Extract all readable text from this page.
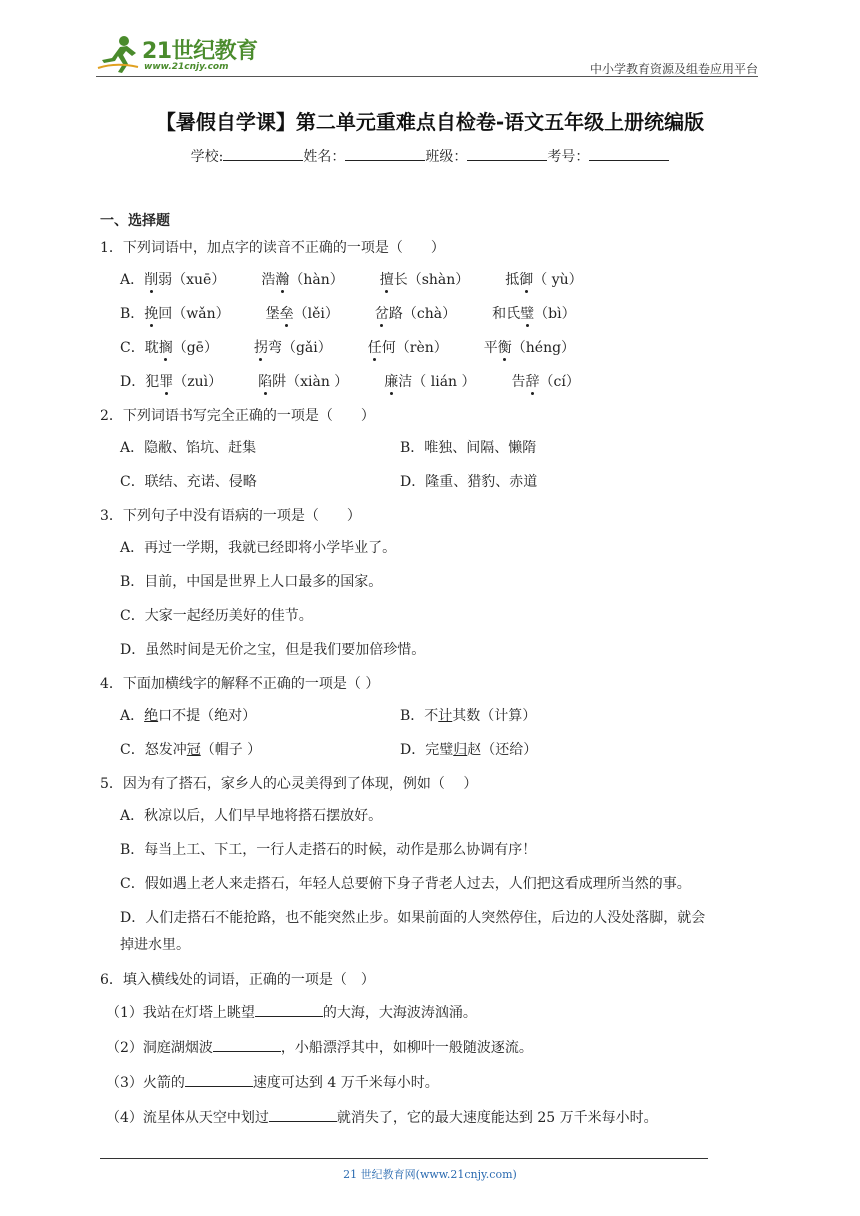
21世纪教育
www.21cnjy.com	中小学教育资源及组卷应用平台
【暑假自学课】第二单元重难点自检卷-语文五年级上册统编版
学校:	姓名：	班级：	考号：
一、选择题
1．下列词语中，加点字的读音不正确的一项是（　　）
A．削弱（xuē）	浩瀚（hàn）	擅长（shàn）	抵御（ yù）
B．挽回（wǎn）	堡垒（lěi）	岔路（chà）	和氏璧（bì）
C．耽搁（gē）	拐弯（gǎi）	任何（rèn）	平衡（héng）
D．犯罪（zuì）	陷阱（xiàn ）	廉洁（ lián ）	告辞（cí）
2．下列词语书写完全正确的一项是（　　）
A．隐敝、馅坑、赶集	B．唯独、间隔、懒隋
C．联结、充诺、侵略	D．隆重、猎豹、赤道
3．下列句子中没有语病的一项是（　　）
A．再过一学期，我就已经即将小学毕业了。
B．目前，中国是世界上人口最多的国家。
C．大家一起经历美好的佳节。
D．虽然时间是无价之宝，但是我们要加倍珍惜。
4．下面加横线字的解释不正确的一项是（ ）
A．绝口不提（绝对）	B．不计其数（计算）
C．怒发冲冠（帽子 ）	D．完璧归赵（还给）
5．因为有了搭石，家乡人的心灵美得到了体现，例如（　 ）
A．秋凉以后，人们早早地将搭石摆放好。
B．每当上工、下工，一行人走搭石的时候，动作是那么协调有序！
C．假如遇上老人来走搭石，年轻人总要俯下身子背老人过去，人们把这看成理所当然的事。
D．人们走搭石不能抢路，也不能突然止步。如果前面的人突然停住，后边的人没处落脚，就会
掉进水里。
6．填入横线处的词语，正确的一项是（　）
（1）我站在灯塔上眺望	的大海，大海波涛汹涌。
（2）洞庭湖烟波	，小船漂浮其中，如柳叶一般随波逐流。
（3）火箭的	速度可达到 4 万千米每小时。
（4）流星体从天空中划过	就消失了，它的最大速度能达到 25 万千米每小时。
21 世纪教育网(www.21cnjy.com)
